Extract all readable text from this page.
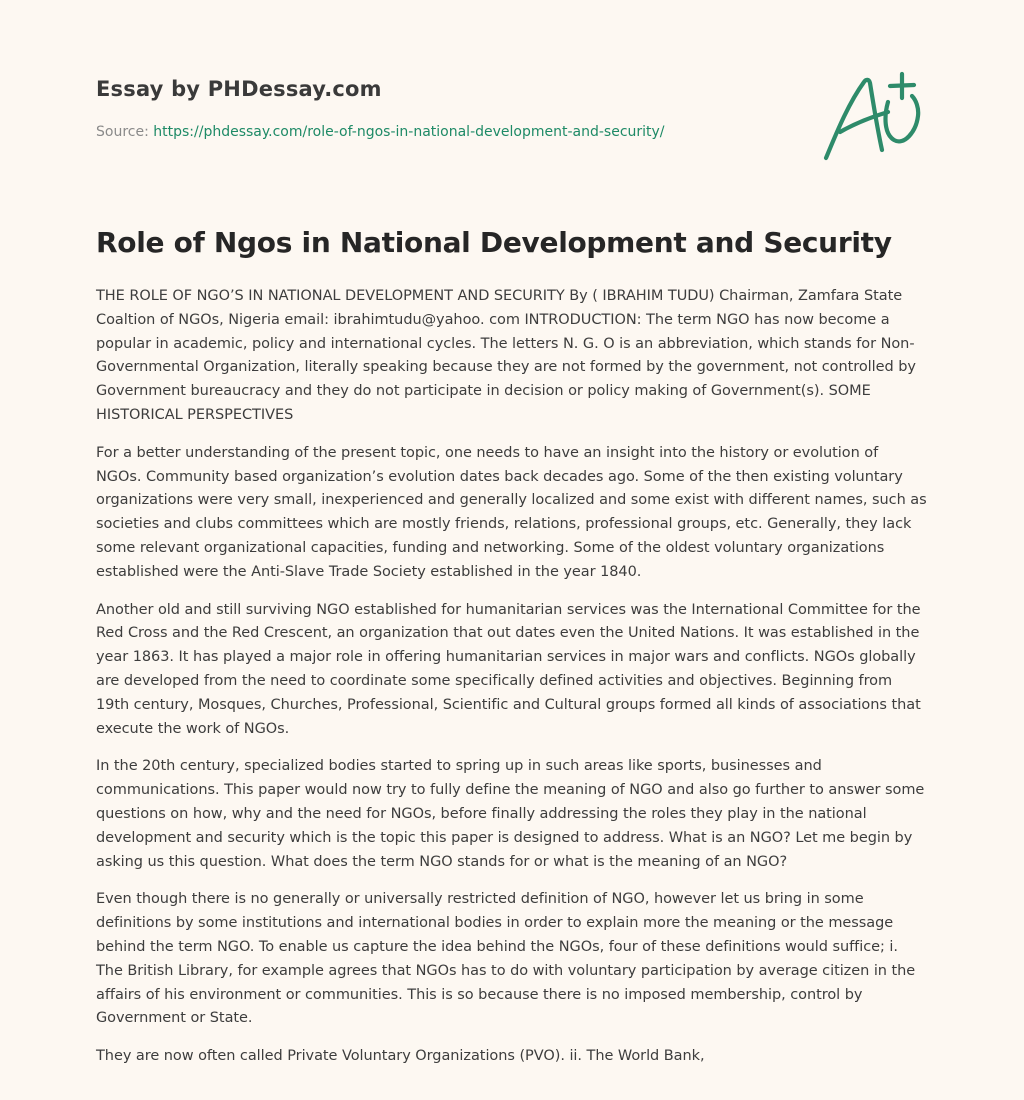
Essay by PHDessay.com
Source: https://phdessay.com/role-of-ngos-in-national-development-and-security/
Role of Ngos in National Development and Security

THE ROLE OF NGO’S IN NATIONAL DEVELOPMENT AND SECURITY By ( IBRAHIM TUDU) Chairman, Zamfara State Coaltion of NGOs, Nigeria email: ibrahimtudu@yahoo. com INTRODUCTION: The term NGO has now become a popular in academic, policy and international cycles. The letters N. G. O is an abbreviation, which stands for Non-Governmental Organization, literally speaking because they are not formed by the government, not controlled by Government bureaucracy and they do not participate in decision or policy making of Government(s). SOME HISTORICAL PERSPECTIVES

For a better understanding of the present topic, one needs to have an insight into the history or evolution of NGOs. Community based organization’s evolution dates back decades ago. Some of the then existing voluntary organizations were very small, inexperienced and generally localized and some exist with different names, such as societies and clubs committees which are mostly friends, relations, professional groups, etc. Generally, they lack some relevant organizational capacities, funding and networking. Some of the oldest voluntary organizations established were the Anti-Slave Trade Society established in the year 1840.

Another old and still surviving NGO established for humanitarian services was the International Committee for the Red Cross and the Red Crescent, an organization that out dates even the United Nations. It was established in the year 1863. It has played a major role in offering humanitarian services in major wars and conflicts. NGOs globally are developed from the need to coordinate some specifically defined activities and objectives. Beginning from 19th century, Mosques, Churches, Professional, Scientific and Cultural groups formed all kinds of associations that execute the work of NGOs.

In the 20th century, specialized bodies started to spring up in such areas like sports, businesses and communications. This paper would now try to fully define the meaning of NGO and also go further to answer some questions on how, why and the need for NGOs, before finally addressing the roles they play in the national development and security which is the topic this paper is designed to address. What is an NGO? Let me begin by asking us this question. What does the term NGO stands for or what is the meaning of an NGO?

Even though there is no generally or universally restricted definition of NGO, however let us bring in some definitions by some institutions and international bodies in order to explain more the meaning or the message behind the term NGO. To enable us capture the idea behind the NGOs, four of these definitions would suffice; i. The British Library, for example agrees that NGOs has to do with voluntary participation by average citizen in the affairs of his environment or communities. This is so because there is no imposed membership, control by Government or State.

They are now often called Private Voluntary Organizations (PVO). ii. The World Bank,
